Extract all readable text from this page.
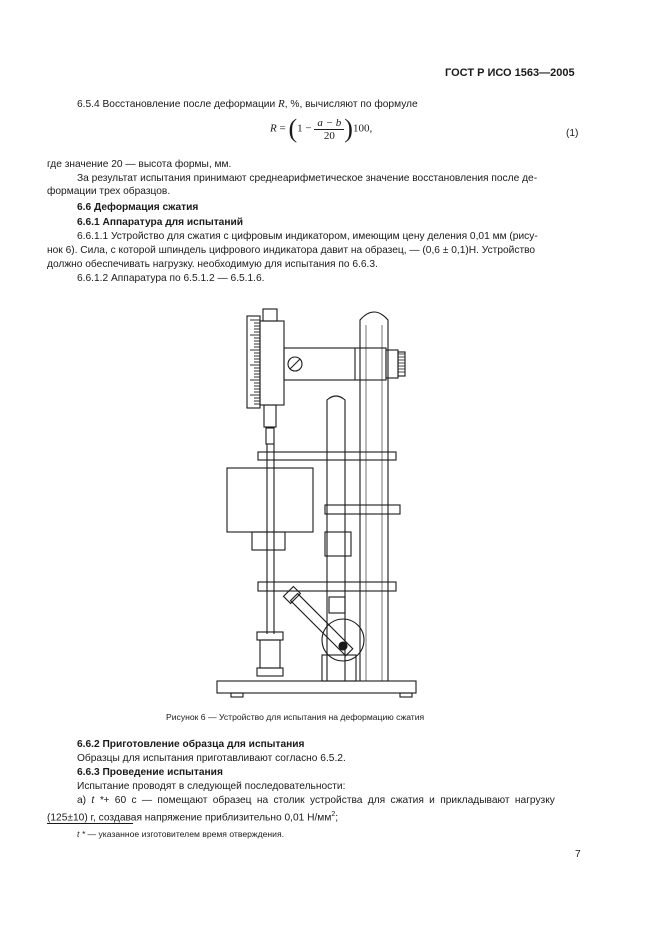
ГОСТ Р ИСО 1563—2005
6.5.4 Восстановление после деформации R, %, вычисляют по формуле
$R = (1 - \frac{a - b}{20} )100$,	(1)
где значение 20 — высота формы, мм.
За результат испытания принимают среднеарифметическое значение восстановления после де-
формации трех образцов.
6.6 Деформация сжатия
6.6.1 Аппаратура для испытаний
6.6.1.1 Устройство для сжатия с цифровым индикатором, имеющим цену деления 0,01 мм (рису-
нок 6). Сила, с которой шпиндель цифрового индикатора давит на образец, — (0,6 ± 0,1)Н. Устройство
должно обеспечивать нагрузку. необходимую для испытания по 6.6.3.
6.6.1.2 Аппаратура по 6.5.1.2 — 6.5.1.6.
Рисунок 6 — Устройство для испытания на деформацию сжатия
6.6.2 Приготовление образца для испытания
Образцы для испытания приготавливают согласно 6.5.2.
6.6.3 Проведение испытания
Испытание проводят в следующей последовательности:
а) t *+ 60 с — помещают образец на столик устройства для сжатия и прикладывают нагрузку
(125±10) г, создавая напряжение приблизительно 0,01 $Н/мм^2$;
t * — указанное изготовителем время отверждения.
7
